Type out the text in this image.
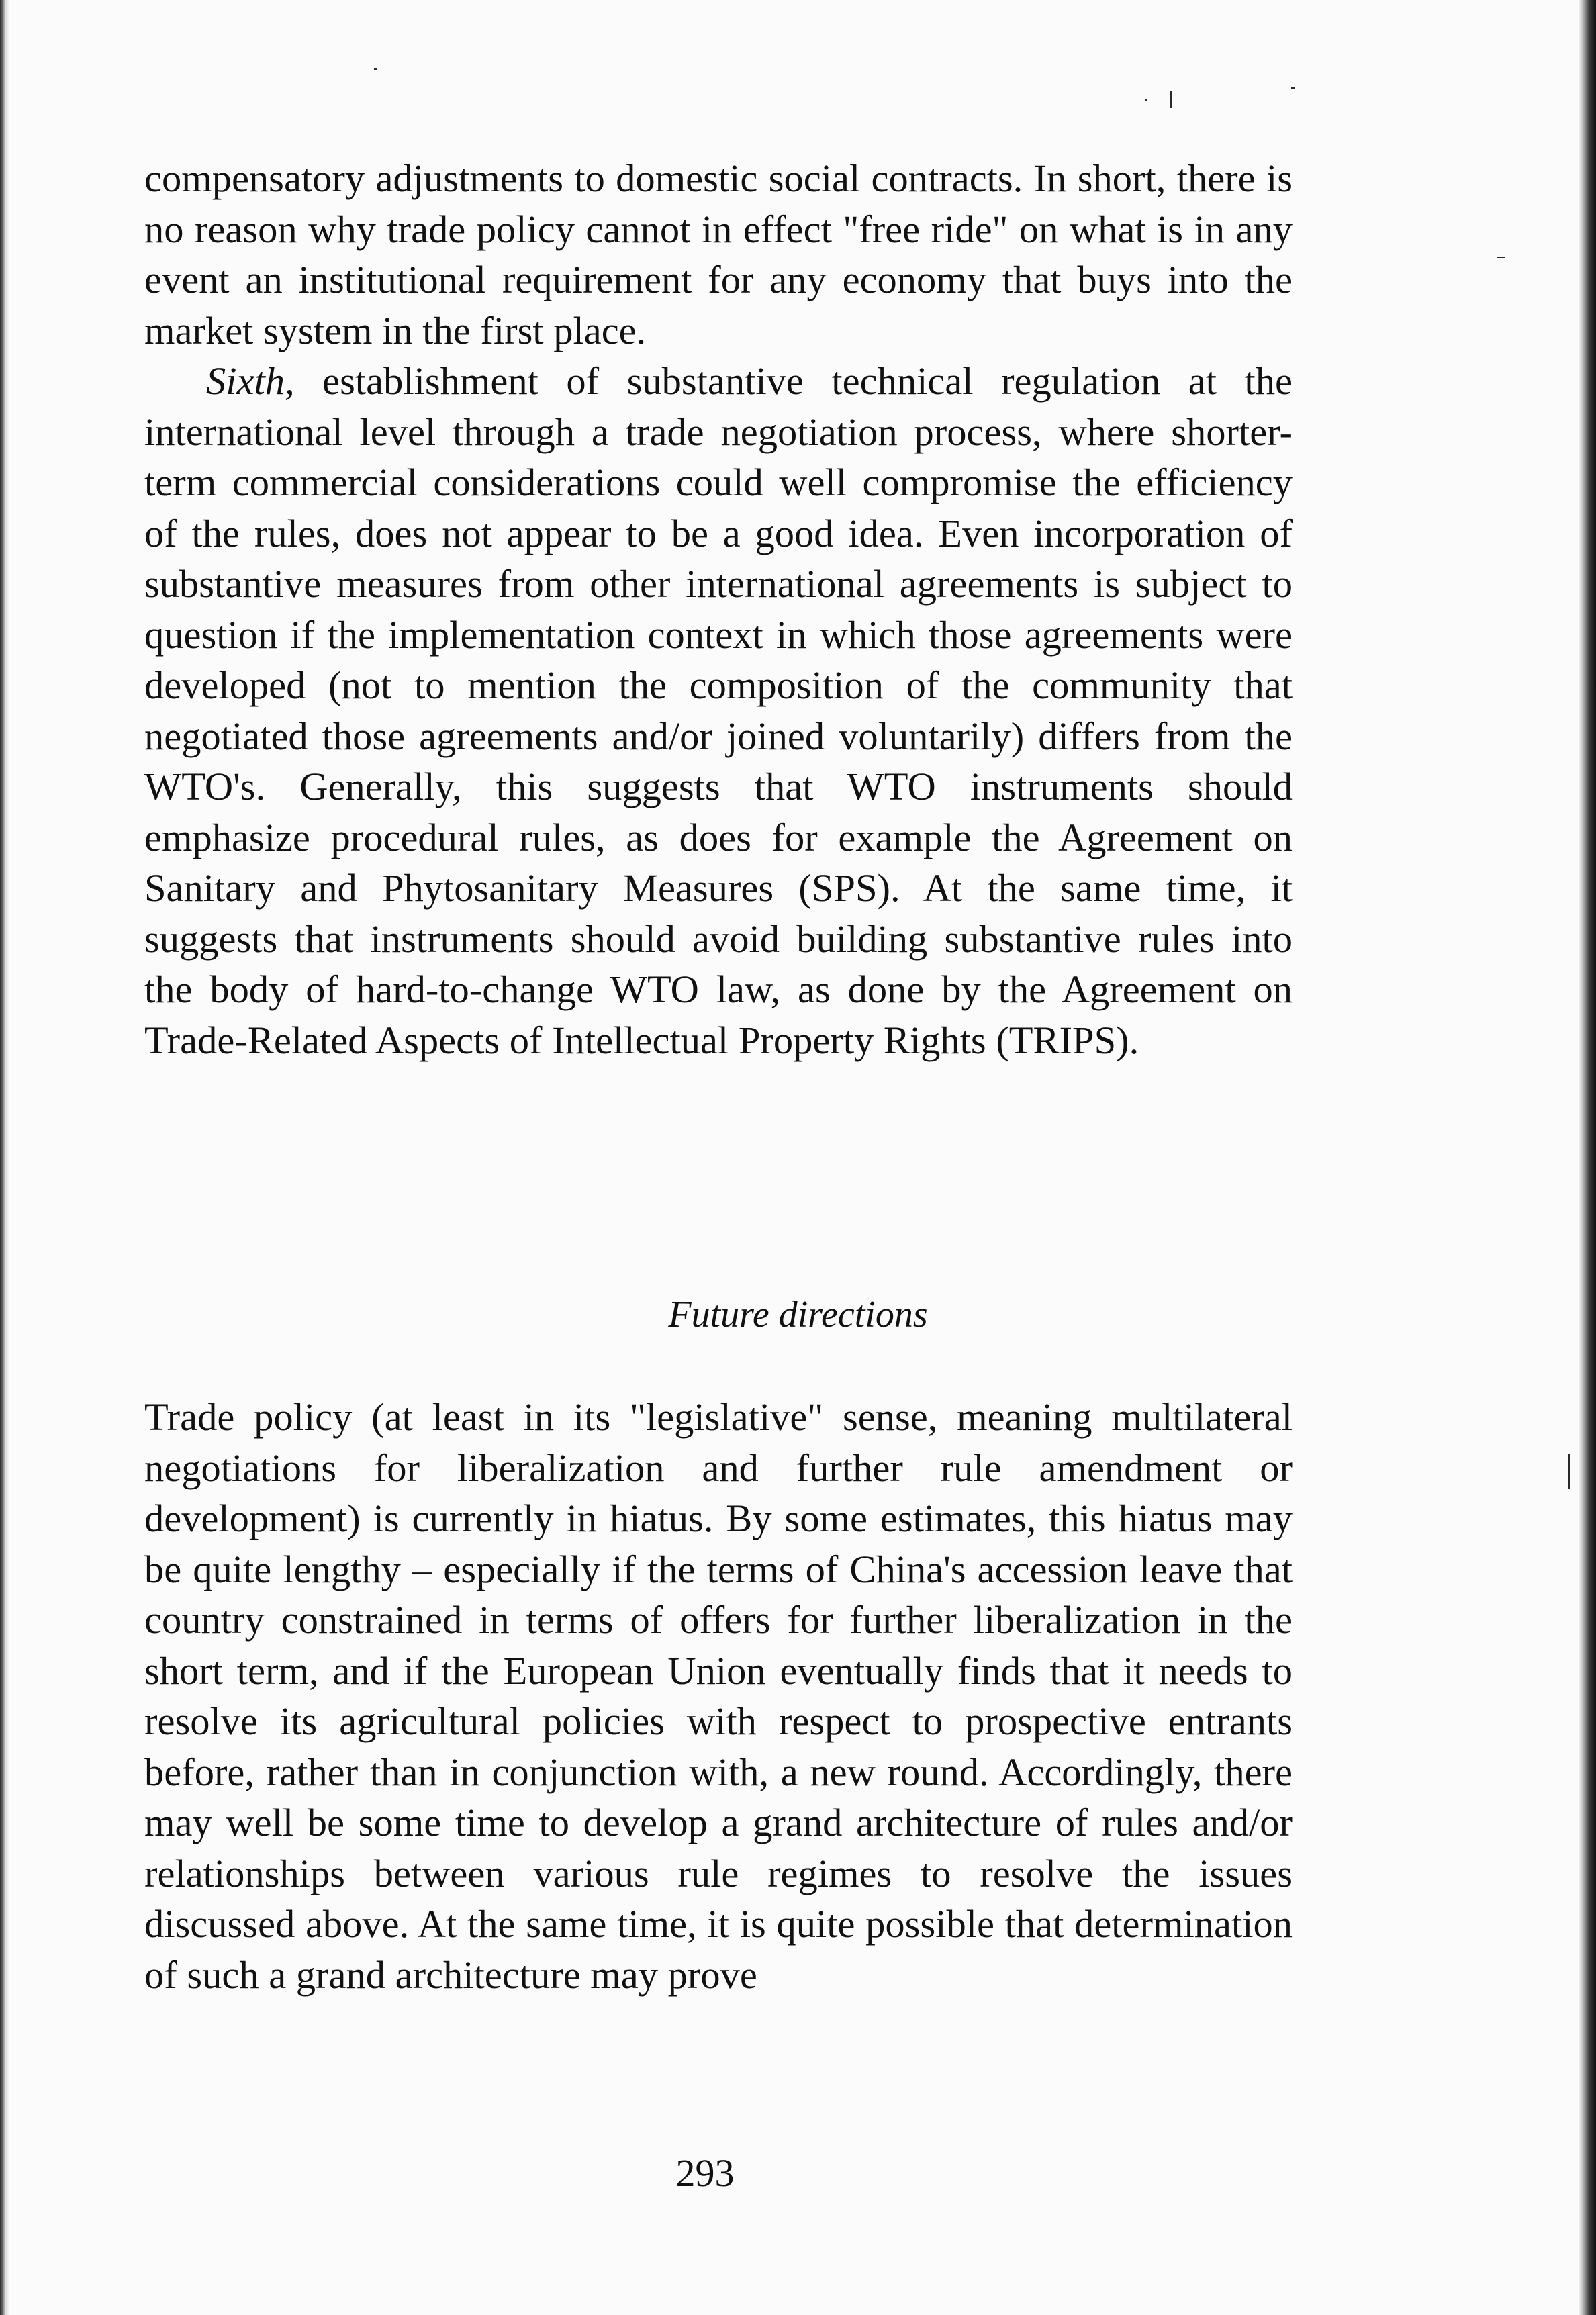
compensatory adjustments to domestic social contracts. In short, there is no reason why trade policy cannot in effect "free ride" on what is in any event an institutional requirement for any economy that buys into the market system in the first place.

Sixth, establishment of substantive technical regulation at the international level through a trade negotiation process, where shorter-term commercial considerations could well compromise the efficiency of the rules, does not appear to be a good idea. Even incorporation of substantive measures from other international agreements is subject to question if the implementation context in which those agreements were developed (not to mention the composition of the community that negotiated those agreements and/or joined voluntarily) differs from the WTO's. Generally, this suggests that WTO instruments should emphasize procedural rules, as does for example the Agreement on Sanitary and Phytosanitary Measures (SPS). At the same time, it suggests that instruments should avoid building substantive rules into the body of hard-to-change WTO law, as done by the Agreement on Trade-Related Aspects of Intellectual Property Rights (TRIPS).

Future directions

Trade policy (at least in its "legislative" sense, meaning multilateral negotiations for liberalization and further rule amendment or development) is currently in hiatus. By some estimates, this hiatus may be quite lengthy – especially if the terms of China's accession leave that country constrained in terms of offers for further liberalization in the short term, and if the European Union eventually finds that it needs to resolve its agricultural policies with respect to prospective entrants before, rather than in conjunction with, a new round. Accordingly, there may well be some time to develop a grand architecture of rules and/or relationships between various rule regimes to resolve the issues discussed above. At the same time, it is quite possible that determination of such a grand architecture may prove

293
